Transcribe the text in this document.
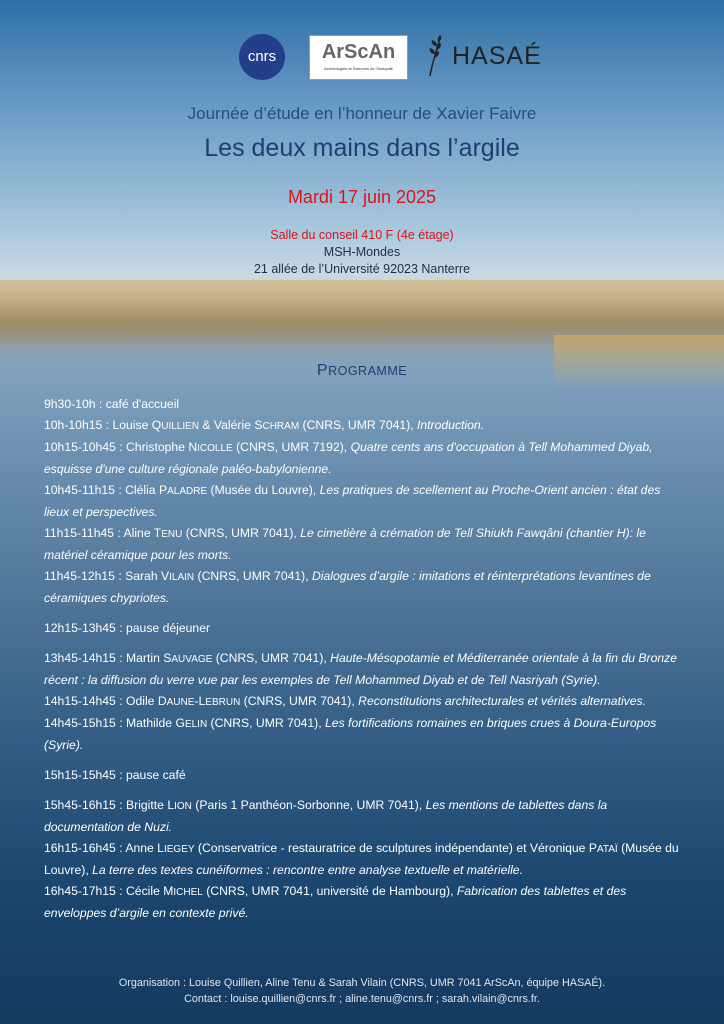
cnrs	ArScAn
Archéologies et Sciences de l'Antiquité	HASAÉ
Journée d’étude en l’honneur de Xavier Faivre
Les deux mains dans l’argile
Mardi 17 juin 2025
Salle du conseil 410 F (4e étage)
MSH-Mondes
21 allée de l’Université 92023 Nanterre
PROGRAMME

9h30-10h : café d'accueil

10h-10h15 : Louise QUILLIEN & Valérie SCHRAM (CNRS, UMR 7041), Introduction.

10h15-10h45 : Christophe NICOLLE (CNRS, UMR 7192), Quatre cents ans d'occupation à Tell Mohammed Diyab, esquisse d'une culture régionale paléo-babylonienne.

10h45-11h15 : Clélia PALADRE (Musée du Louvre), Les pratiques de scellement au Proche-Orient ancien : état des lieux et perspectives.

11h15-11h45 : Aline TENU (CNRS, UMR 7041), Le cimetière à crémation de Tell Shiukh Fawqâni (chantier H): le matériel céramique pour les morts.

11h45-12h15 : Sarah VILAIN (CNRS, UMR 7041), Dialogues d’argile : imitations et réinterprétations levantines de céramiques chypriotes.

12h15-13h45 : pause déjeuner

13h45-14h15 : Martin SAUVAGE (CNRS, UMR 7041), Haute-Mésopotamie et Méditerranée orientale à la fin du Bronze récent : la diffusion du verre vue par les exemples de Tell Mohammed Diyab et de Tell Nasriyah (Syrie).

14h15-14h45 : Odile DAUNE-LEBRUN (CNRS, UMR 7041), Reconstitutions architecturales et vérités alternatives.

14h45-15h15 : Mathilde GELIN (CNRS, UMR 7041), Les fortifications romaines en briques crues à Doura-Europos (Syrie).

15h15-15h45 : pause café

15h45-16h15 : Brigitte LION (Paris 1 Panthéon-Sorbonne, UMR 7041), Les mentions de tablettes dans la documentation de Nuzi.

16h15-16h45 : Anne LIEGEY (Conservatrice - restauratrice de sculptures indépendante) et Véronique PATAÏ (Musée du Louvre), La terre des textes cunéiformes : rencontre entre analyse textuelle et matérielle.

16h45-17h15 : Cécile MICHEL (CNRS, UMR 7041, université de Hambourg), Fabrication des tablettes et des enveloppes d’argile en contexte privé.

Organisation : Louise Quillien, Aline Tenu & Sarah Vilain (CNRS, UMR 7041 ArScAn, équipe HASAÉ).
Contact : louise.quillien@cnrs.fr ; aline.tenu@cnrs.fr ; sarah.vilain@cnrs.fr.
